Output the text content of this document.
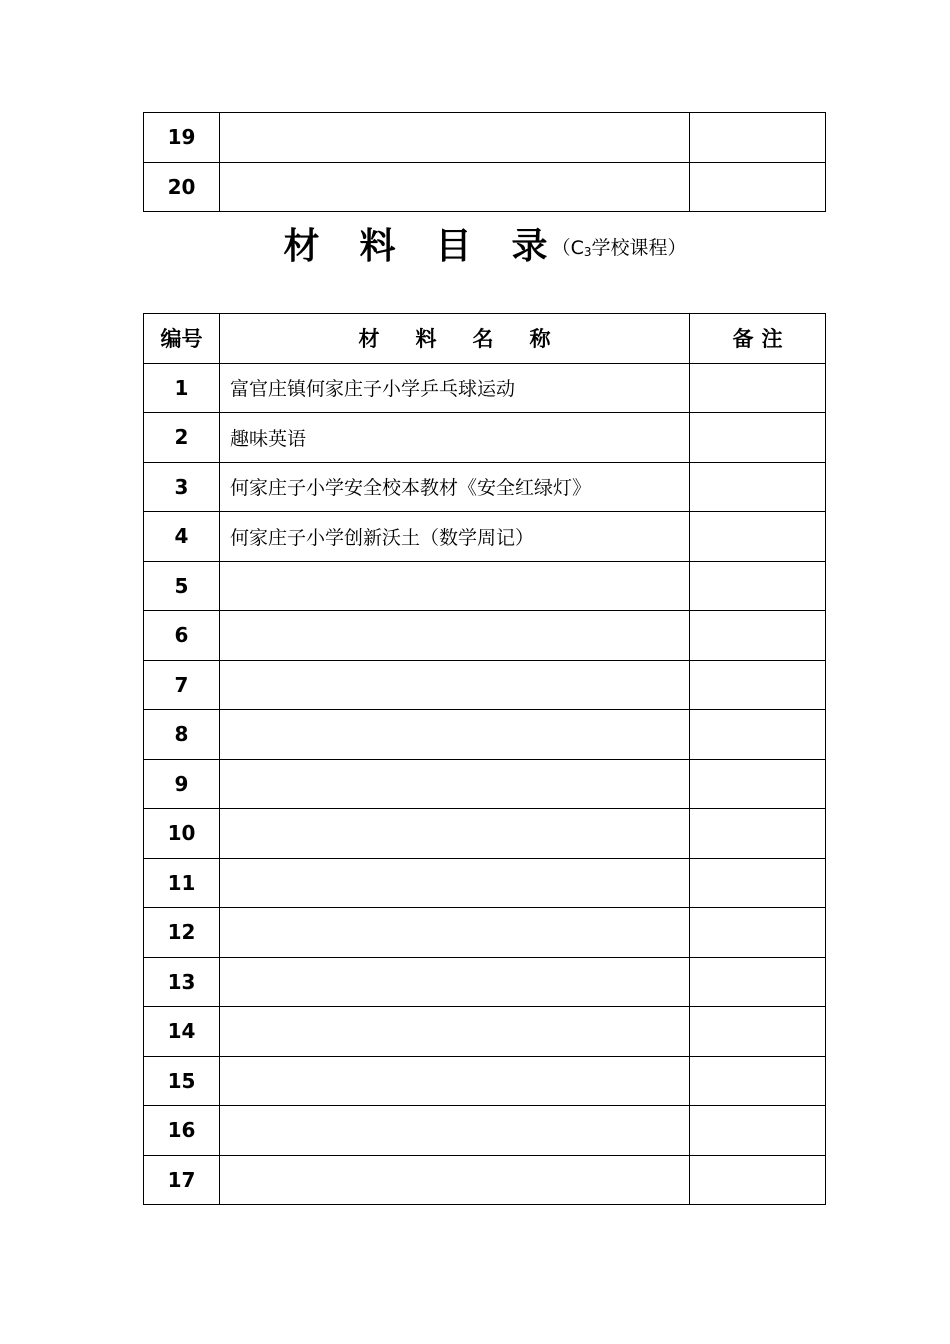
19		
20		
材 料 目 录 （$C_3$学校课程）
编号	材 料 名 称	备 注
1	富官庄镇何家庄子小学乒乓球运动	
2	趣味英语	
3	何家庄子小学安全校本教材《安全红绿灯》	
4	何家庄子小学创新沃土（数学周记）	
5		
6		
7		
8		
9		
10		
11		
12		
13		
14		
15		
16		
17		
